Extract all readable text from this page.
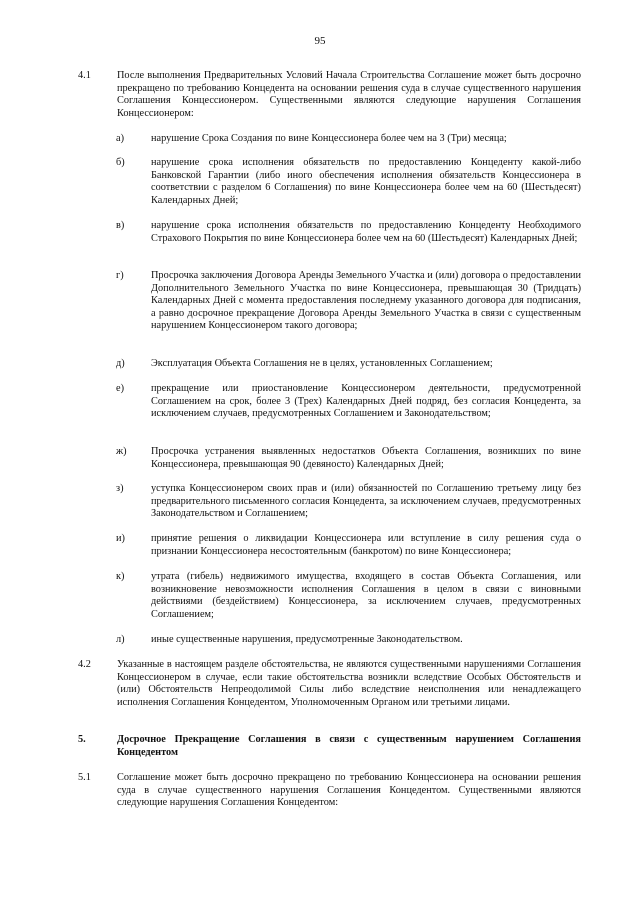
95
4.1	После выполнения Предварительных Условий Начала Строительства Соглашение может быть досрочно прекращено по требованию Концедента на основании решения суда в случае существенного нарушения Соглашения Концессионером. Существенными являются следующие нарушения Соглашения Концессионером:

а)	нарушение Срока Создания по вине Концессионера более чем на 3 (Три) месяца;

б)	нарушение срока исполнения обязательств по предоставлению Концеденту какой-либо Банковской Гарантии (либо иного обеспечения исполнения обязательств Концессионера в соответствии с разделом 6 Соглашения) по вине Концессионера более чем на 60 (Шестьдесят) Календарных Дней;

в)	нарушение срока исполнения обязательств по предоставлению Концеденту Необходимого Страхового Покрытия по вине Концессионера более чем на 60 (Шестьдесят) Календарных Дней;

г)	Просрочка заключения Договора Аренды Земельного Участка и (или) договора о предоставлении Дополнительного Земельного Участка по вине Концессионера, превышающая 30 (Тридцать) Календарных Дней с момента предоставления последнему указанного договора для подписания, а равно досрочное прекращение Договора Аренды Земельного Участка в связи с существенным нарушением Концессионером такого договора;

д)	Эксплуатация Объекта Соглашения не в целях, установленных Соглашением;

е)	прекращение или приостановление Концессионером деятельности, предусмотренной Соглашением на срок, более 3 (Трех) Календарных Дней подряд, без согласия Концедента, за исключением случаев, предусмотренных Соглашением и Законодательством;

ж) Просрочка устранения выявленных недостатков Объекта Соглашения, возникших по вине Концессионера, превышающая 90 (девяносто) Календарных Дней;

з)	уступка Концессионером своих прав и (или) обязанностей по Соглашению третьему лицу без предварительного письменного согласия Концедента, за исключением случаев, предусмотренных Законодательством и Соглашением;

и)	принятие решения о ликвидации Концессионера или вступление в силу решения суда о признании Концессионера несостоятельным (банкротом) по вине Концессионера;

к)	утрата (гибель) недвижимого имущества, входящего в состав Объекта Соглашения, или возникновение невозможности исполнения Соглашения в целом в связи с виновными действиями (бездействием) Концессионера, за исключением случаев, предусмотренных Соглашением;

л)	иные существенные нарушения, предусмотренные Законодательством.

4.2	Указанные в настоящем разделе обстоятельства, не являются существенными нарушениями Соглашения Концессионером в случае, если такие обстоятельства возникли вследствие Особых Обстоятельств и (или) Обстоятельств Непреодолимой Силы либо вследствие неисполнения или ненадлежащего исполнения Соглашения Концедентом, Уполномоченным Органом или третьими лицами.

5.	Досрочное Прекращение Соглашения в связи с существенным нарушением Соглашения Концедентом

5.1	Соглашение может быть досрочно прекращено по требованию Концессионера на основании решения суда в случае существенного нарушения Соглашения Концедентом. Существенными являются следующие нарушения Соглашения Концедентом:
